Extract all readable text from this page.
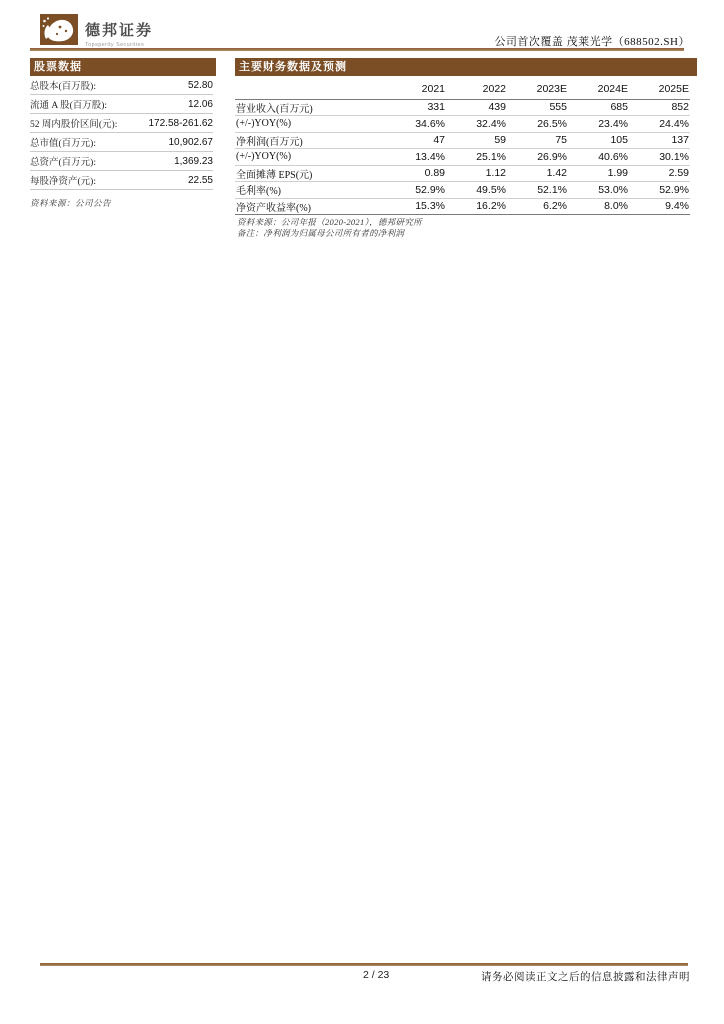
德邦证券
Topsperity Securities	公司首次覆盖 茂莱光学（688502.SH）
股票数据
总股本(百万股):	52.80
流通 A 股(百万股):	12.06
52 周内股价区间(元):	172.58-261.62
总市值(百万元):	10,902.67
总资产(百万元):	1,369.23
每股净资产(元):	22.55
资料来源：公司公告
主要财务数据及预测
	2021	2022	2023E	2024E	2025E
营业收入(百万元)	331	439	555	685	852
(+/-)YOY(%)	34.6%	32.4%	26.5%	23.4%	24.4%
净利润(百万元)	47	59	75	105	137
(+/-)YOY(%)	13.4%	25.1%	26.9%	40.6%	30.1%
全面摊薄 EPS(元)	0.89	1.12	1.42	1.99	2.59
毛利率(%)	52.9%	49.5%	52.1%	53.0%	52.9%
净资产收益率(%)	15.3%	16.2%	6.2%	8.0%	9.4%
资料来源：公司年报（2020-2021），德邦研究所
备注：净利润为归属母公司所有者的净利润
2 / 23	请务必阅读正文之后的信息披露和法律声明
